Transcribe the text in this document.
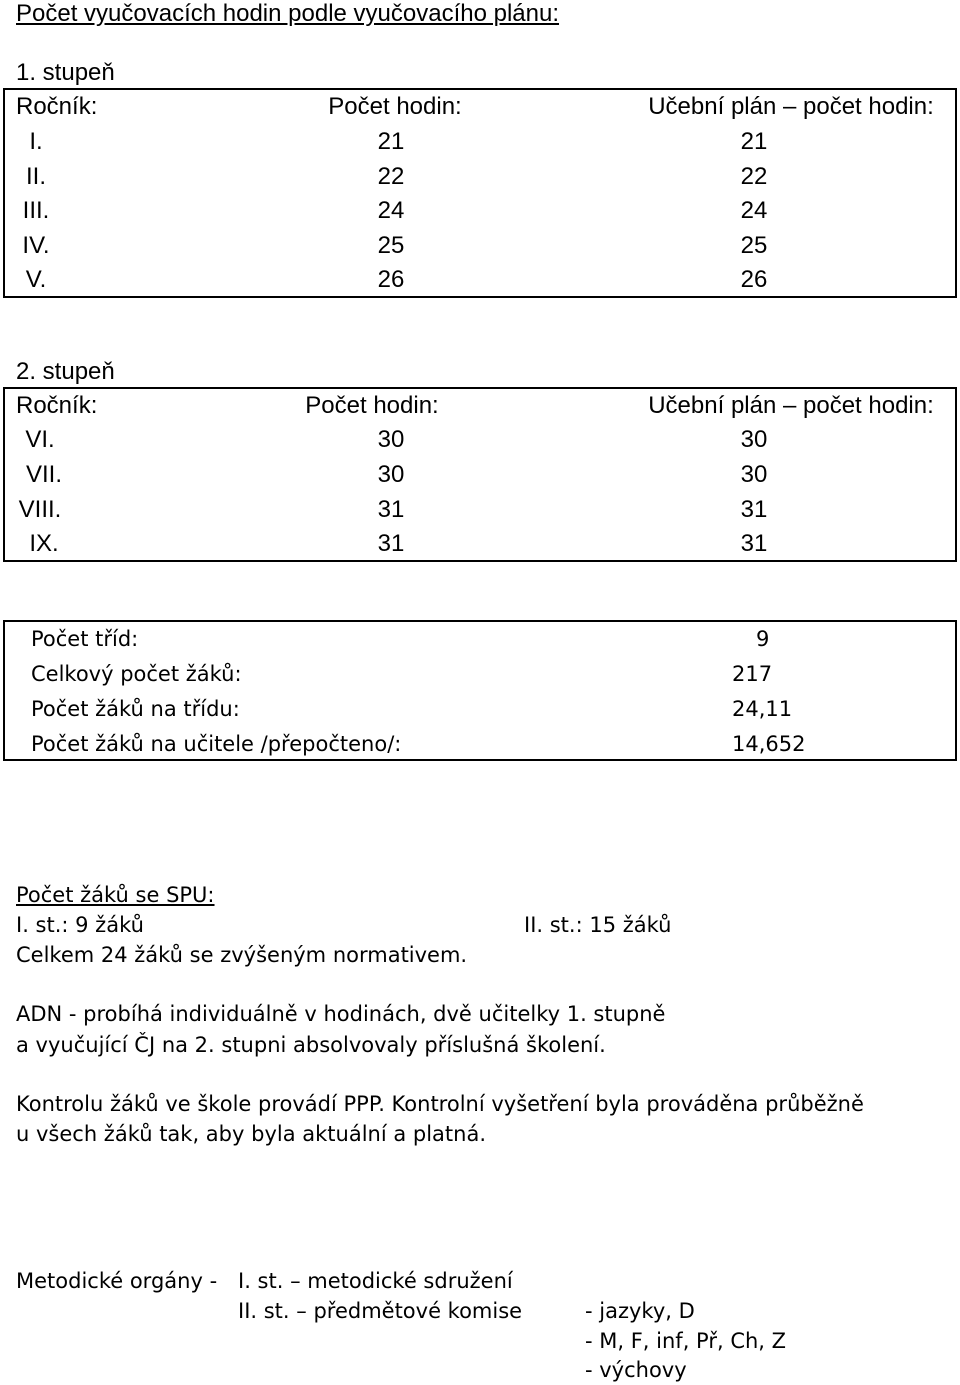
Počet vyučovacích hodin podle vyučovacího plánu:
1. stupeň
Ročník:	Počet hodin:	Učební plán – počet hodin:
I.	21	21
II.	22	22
III.	24	24
IV.	25	25
V.	26	26
2. stupeň
Ročník:	Počet hodin:	Učební plán – počet hodin:
VI.	30	30
VII.	30	30
VIII.	31	31
IX.	31	31
Počet tříd:	9
Celkový počet žáků:	217
Počet žáků na třídu:	24,11
Počet žáků na učitele /přepočteno/:	14,652
Počet žáků se SPU:
I. st.: 9 žáků	II. st.: 15 žáků
Celkem 24 žáků se zvýšeným normativem.
ADN - probíhá individuálně v hodinách, dvě učitelky 1. stupně
a vyučující ČJ na 2. stupni absolvovaly příslušná školení.
Kontrolu žáků ve škole provádí PPP. Kontrolní vyšetření byla prováděna průběžně
u všech žáků tak, aby byla aktuální a platná.
Metodické orgány - I. st. – metodické sdružení
II. st. – předmětové komise	- jazyky, D
- M, F, inf, Př, Ch, Z
- výchovy
